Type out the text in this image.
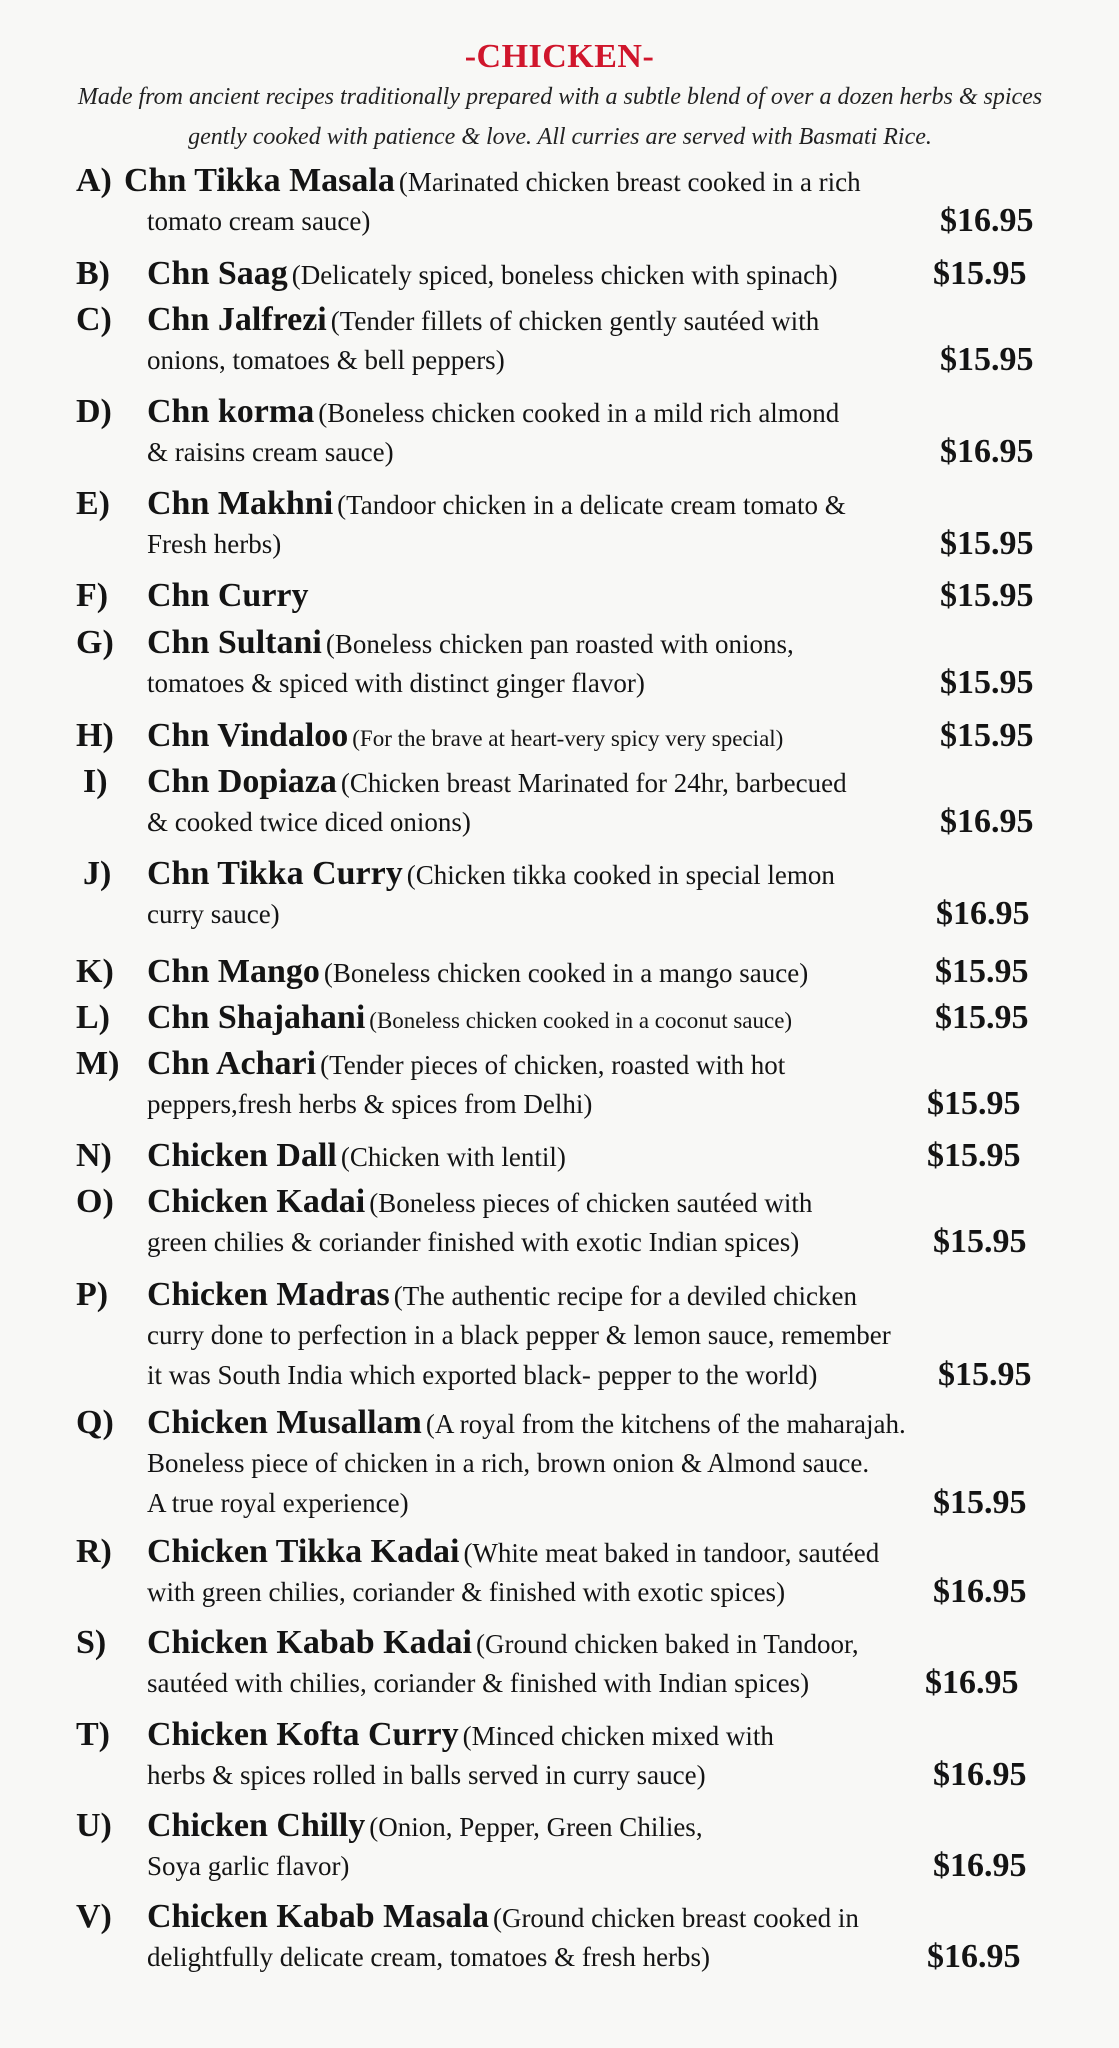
-CHICKEN-
Made from ancient recipes traditionally prepared with a subtle blend of over a dozen herbs & spices
gently cooked with patience & love. All curries are served with Basmati Rice.
A) Chn Tikka Masala (Marinated chicken breast cooked in a rich
tomato cream sauce)	$16.95
B) Chn Saag (Delicately spiced, boneless chicken with spinach)	$15.95
C) Chn Jalfrezi (Tender fillets of chicken gently sautéed with
onions, tomatoes & bell peppers)	$15.95
D) Chn korma (Boneless chicken cooked in a mild rich almond
& raisins cream sauce)	$16.95
E) Chn Makhni (Tandoor chicken in a delicate cream tomato &
Fresh herbs)	$15.95
F) Chn Curry	$15.95
G) Chn Sultani (Boneless chicken pan roasted with onions,
tomatoes & spiced with distinct ginger flavor)	$15.95
H) Chn Vindaloo (For the brave at heart-very spicy very special)	$15.95
I) Chn Dopiaza (Chicken breast Marinated for 24hr, barbecued
& cooked twice diced onions)	$16.95
J) Chn Tikka Curry (Chicken tikka cooked in special lemon
curry sauce)	$16.95
K) Chn Mango (Boneless chicken cooked in a mango sauce)	$15.95
L) Chn Shajahani (Boneless chicken cooked in a coconut sauce)	$15.95
M) Chn Achari (Tender pieces of chicken, roasted with hot
peppers,fresh herbs & spices from Delhi)	$15.95
N) Chicken Dall (Chicken with lentil)	$15.95
O) Chicken Kadai (Boneless pieces of chicken sautéed with
green chilies & coriander finished with exotic Indian spices)	$15.95
P) Chicken Madras (The authentic recipe for a deviled chicken
curry done to perfection in a black pepper & lemon sauce, remember
it was South India which exported black- pepper to the world)	$15.95
Q) Chicken Musallam (A royal from the kitchens of the maharajah.
Boneless piece of chicken in a rich, brown onion & Almond sauce.
A true royal experience)	$15.95
R) Chicken Tikka Kadai (White meat baked in tandoor, sautéed
with green chilies, coriander & finished with exotic spices)	$16.95
S) Chicken Kabab Kadai (Ground chicken baked in Tandoor,
sautéed with chilies, coriander & finished with Indian spices)	$16.95
T) Chicken Kofta Curry (Minced chicken mixed with
herbs & spices rolled in balls served in curry sauce)	$16.95
U) Chicken Chilly (Onion, Pepper, Green Chilies,
Soya garlic flavor)	$16.95
V) Chicken Kabab Masala (Ground chicken breast cooked in
delightfully delicate cream, tomatoes & fresh herbs)	$16.95
